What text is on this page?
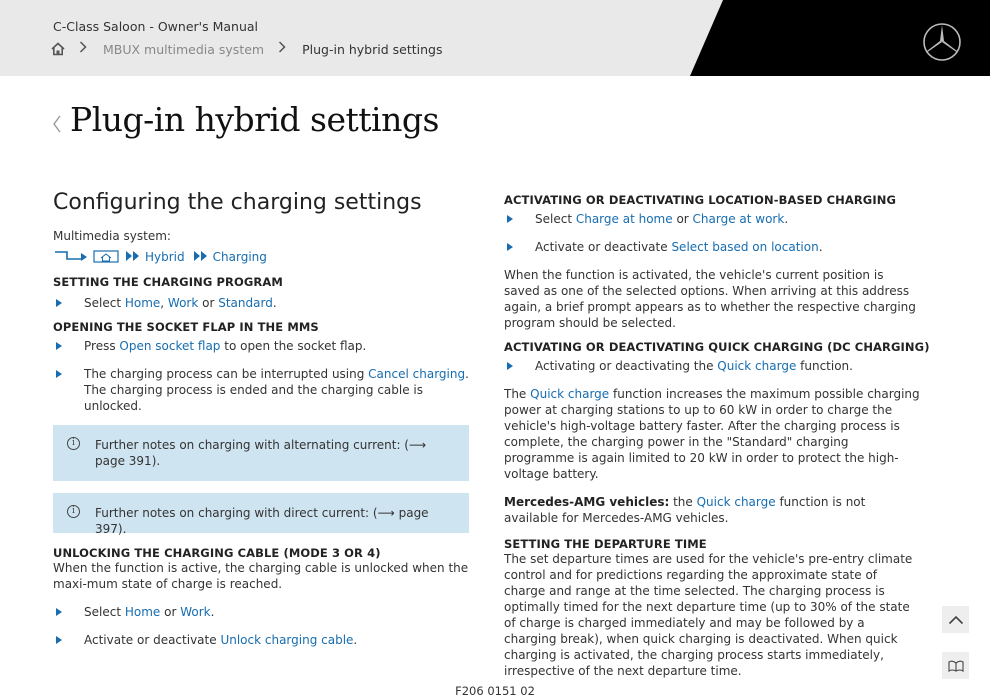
C-Class Saloon - Owner's Manual
MBUX multimedia system	Plug-in hybrid settings
Plug-in hybrid settings
Configuring the charging settings
Multimedia system:
Hybrid Charging
SETTING THE CHARGING PROGRAM
Select Home, Work or Standard.
OPENING THE SOCKET FLAP IN THE MMS
Press Open socket flap to open the socket flap.
The charging process can be interrupted using Cancel charging. The charging process is ended and the charging cable is unlocked.
i	Further notes on charging with alternating current: (⟶ page 391).
i	Further notes on charging with direct current: (⟶ page 397).
UNLOCKING THE CHARGING CABLE (MODE 3 OR 4)
When the function is active, the charging cable is unlocked when the maxi-mum state of charge is reached.
Select Home or Work.
Activate or deactivate Unlock charging cable.
ACTIVATING OR DEACTIVATING LOCATION-BASED CHARGING
Select Charge at home or Charge at work.
Activate or deactivate Select based on location.
When the function is activated, the vehicle's current position is saved as one of the selected options. When arriving at this address again, a brief prompt appears as to whether the respective charging program should be selected.
ACTIVATING OR DEACTIVATING QUICK CHARGING (DC CHARGING)
Activating or deactivating the Quick charge function.
The Quick charge function increases the maximum possible charging power at charging stations to up to 60 kW in order to charge the vehicle's high-voltage battery faster. After the charging process is complete, the charging power in the "Standard" charging programme is again limited to 20 kW in order to protect the high-voltage battery.
Mercedes-AMG vehicles: the Quick charge function is not available for Mercedes-AMG vehicles.
SETTING THE DEPARTURE TIME
The set departure times are used for the vehicle's pre-entry climate control and for predictions regarding the approximate state of charge and range at the time selected. The charging process is optimally timed for the next departure time (up to 30% of the state of charge is charged immediately and may be followed by a charging break), when quick charging is deactivated. When quick charging is activated, the charging process starts immediately, irrespective of the next departure time.
F206 0151 02
